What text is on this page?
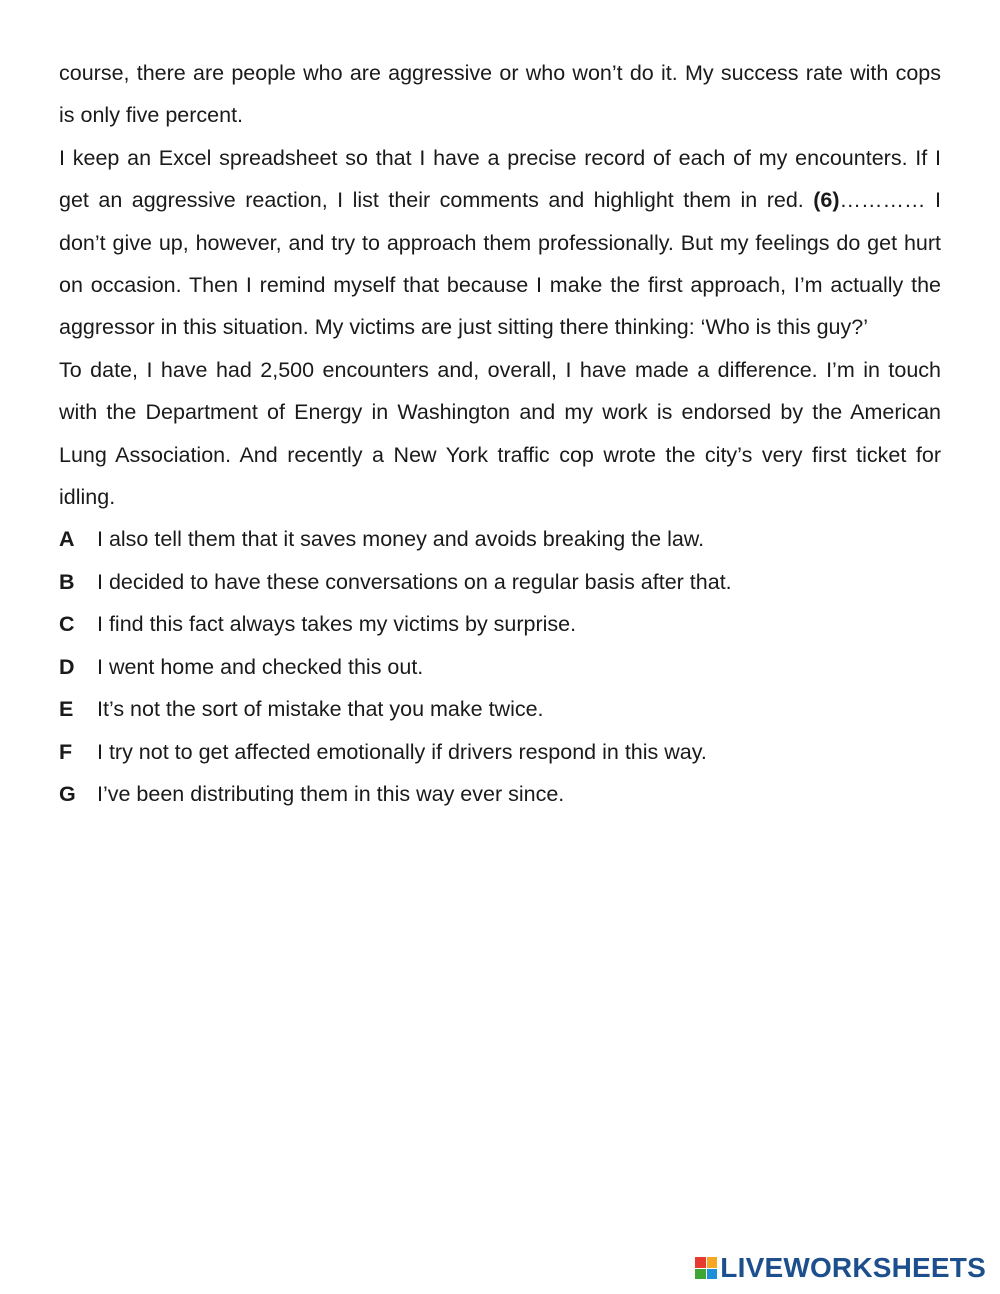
course, there are people who are aggressive or who won’t do it. My success rate with cops is only five percent.

I keep an Excel spreadsheet so that I have a precise record of each of my encounters. If I get an aggressive reaction, I list their comments and highlight them in red. (6)………… I don’t give up, however, and try to approach them professionally. But my feelings do get hurt on occasion. Then I remind myself that because I make the first approach, I’m actually the aggressor in this situation. My victims are just sitting there thinking: ‘Who is this guy?’

To date, I have had 2,500 encounters and, overall, I have made a difference. I’m in touch with the Department of Energy in Washington and my work is endorsed by the American Lung Association. And recently a New York traffic cop wrote the city’s very first ticket for idling.

A	I also tell them that it saves money and avoids breaking the law.
B	I decided to have these conversations on a regular basis after that.
C	I find this fact always takes my victims by surprise.
D	I went home and checked this out.
E	It’s not the sort of mistake that you make twice.
F	I try not to get affected emotionally if drivers respond in this way.
G I’ve been distributing them in this way ever since.
LIVEWORKSHEETS
